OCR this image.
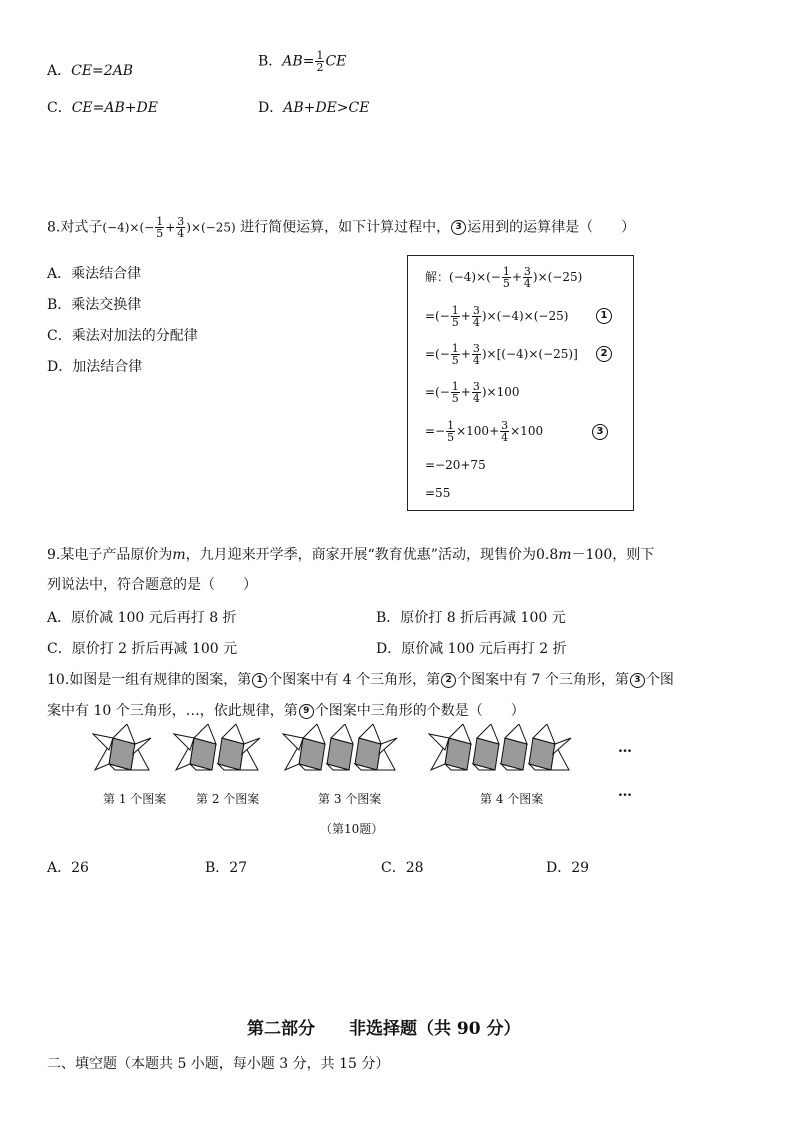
A．CE=2AB
B．$AB= \frac{1}{2}$ CE
C．CE=AB+DE	D．AB+DE>CE
8.对式子$(-4)\times(- \frac{1}{5} + \frac{3}{4} )\times(-25)$ 进行简便运算，如下计算过程中， 3 运用到的运算律是（　　）
A．乘法结合律
B．乘法交换律
C．乘法对加法的分配律
D．加法结合律
解：$(-4)\times(- \frac{1}{5} + \frac{3}{4} )\times(-25)$
=(− $\frac{1}{5} + \frac{3}{4} )\times(-4)\times(-25)$	1
=(− $\frac{1}{5} + \frac{3}{4} )\times[(-4)\times(-25)]$	2
=(− $\frac{1}{5} + \frac{3}{4} )\times 100$
=− $\frac{1}{5} \times 100+ \frac{3}{4} \times 100$	3
=−20+75
=55
9.某电子产品原价为m，九月迎来开学季，商家开展“教育优惠”活动，现售价为0.8m－100，则下
列说法中，符合题意的是（　　）
A．原价减 100 元后再打 8 折	B．原价打 8 折后再减 100 元
C．原价打 2 折后再减 100 元	D．原价减 100 元后再打 2 折
10.如图是一组有规律的图案，第 1 个图案中有 4 个三角形，第 2 个图案中有 7 个三角形，第 3 个图
案中有 10 个三角形，…，依此规律，第 9 个图案中三角形的个数是（　　）
第 1 个图案 第 2 个图案	第 3 个图案	第 4 个图案
…
…
（第10题）
A．26	B．27	C．28	D．29
第二部分　　非选择题（共 90 分）
二、填空题（本题共 5 小题，每小题 3 分，共 15 分）
